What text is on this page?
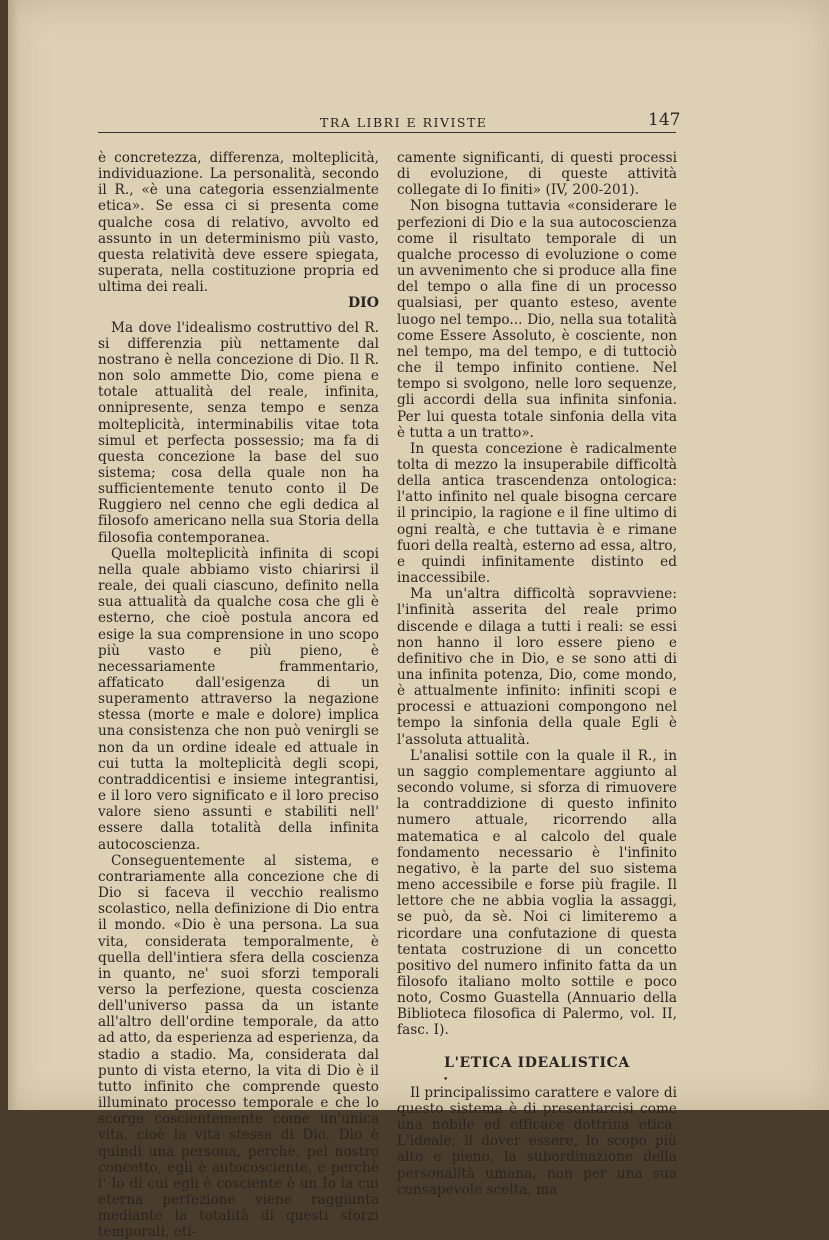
TRA LIBRI E RIVISTE	147

è concretezza, differenza, molteplicità, individuazione. La personalità, secondo il R., «è una categoria essenzialmente etica». Se essa ci si presenta come qualche cosa di relativo, avvolto ed assunto in un determinismo più vasto, questa relatività deve essere spiegata, superata, nella costituzione propria ed ultima dei reali.

DIO

Ma dove l'idealismo costruttivo del R. si differenzia più nettamente dal nostrano è nella concezione di Dio. Il R. non solo ammette Dio, come piena e totale attualità del reale, infinita, onnipresente, senza tempo e senza molteplicità, interminabilis vitae tota simul et perfecta possessio; ma fa di questa concezione la base del suo sistema; cosa della quale non ha sufficientemente tenuto conto il De Ruggiero nel cenno che egli dedica al filosofo americano nella sua Storia della filosofia contemporanea.

Quella molteplicità infinita di scopi nella quale abbiamo visto chiarirsi il reale, dei quali ciascuno, definito nella sua attualità da qualche cosa che gli è esterno, che cioè postula ancora ed esige la sua comprensione in uno scopo più vasto e più pieno, è necessariamente frammentario, affaticato dall'esigenza di un superamento attraverso la negazione stessa (morte e male e dolore) implica una consistenza che non può venirgli se non da un ordine ideale ed attuale in cui tutta la molteplicità degli scopi, contraddicentisi e insieme integrantisi, e il loro vero significato e il loro preciso valore sieno assunti e stabiliti nell' essere dalla totalità della infinita autocoscienza.

Conseguentemente al sistema, e contrariamente alla concezione che di Dio si faceva il vecchio realismo scolastico, nella definizione di Dio entra il mondo. «Dio è una persona. La sua vita, considerata temporalmente, è quella dell'intiera sfera della coscienza in quanto, ne' suoi sforzi temporali verso la perfezione, questa coscienza dell'universo passa da un istante all'altro dell'ordine temporale, da atto ad atto, da esperienza ad esperienza, da stadio a stadio. Ma, considerata dal punto di vista eterno, la vita di Dio è il tutto infinito che comprende questo illuminato processo temporale e che lo scorge coscientemente come un'unica vita, cioè la vita stessa di Dio. Dio è quindi una persona, perchè, pel nostro concetto, egli è autocosciente, e perchè l' Io di cui egli è cosciente è un Io la cui eterna perfezione viene raggiunta mediante la totalità di questi sforzi temporali, eti-

camente significanti, di questi processi di evoluzione, di queste attività collegate di Io finiti» (IV, 200-201).

Non bisogna tuttavia «considerare le perfezioni di Dio e la sua autocoscienza come il risultato temporale di un qualche processo di evoluzione o come un avvenimento che si produce alla fine del tempo o alla fine di un processo qualsiasi, per quanto esteso, avente luogo nel tempo... Dio, nella sua totalità come Essere Assoluto, è cosciente, non nel tempo, ma del tempo, e di tuttociò che il tempo infinito contiene. Nel tempo si svolgono, nelle loro sequenze, gli accordi della sua infinita sinfonia. Per lui questa totale sinfonia della vita è tutta a un tratto».

In questa concezione è radicalmente tolta di mezzo la insuperabile difficoltà della antica trascendenza ontologica: l'atto infinito nel quale bisogna cercare il principio, la ragione e il fine ultimo di ogni realtà, e che tuttavia è e rimane fuori della realtà, esterno ad essa, altro, e quindi infinitamente distinto ed inaccessibile.

Ma un'altra difficoltà sopravviene: l'infinità asserita del reale primo discende e dilaga a tutti i reali: se essi non hanno il loro essere pieno e definitivo che in Dio, e se sono atti di una infinita potenza, Dio, come mondo, è attualmente infinito: infiniti scopi e processi e attuazioni compongono nel tempo la sinfonia della quale Egli è l'assoluta attualità.

L'analisi sottile con la quale il R., in un saggio complementare aggiunto al secondo volume, si sforza di rimuovere la contraddizione di questo infinito numero attuale, ricorrendo alla matematica e al calcolo del quale fondamento necessario è l'infinito negativo, è la parte del suo sistema meno accessibile e forse più fragile. Il lettore che ne abbia voglia la assaggi, se può, da sè. Noi ci limiteremo a ricordare una confutazione di questa tentata costruzione di un concetto positivo del numero infinito fatta da un filosofo italiano molto sottile e poco noto, Cosmo Guastella (Annuario della Biblioteca filosofica di Palermo, vol. II, fasc. I).

L'ETICA IDEALISTICA

Il principalissimo carattere e valore di questo sistema è di presentarcisi come una nobile ed efficace dottrina etica. L'ideale, il dover essere, lo scopo più alto e pieno, la subordinazione della personalità umana, non per una sua consapevole scelta, ma

•
